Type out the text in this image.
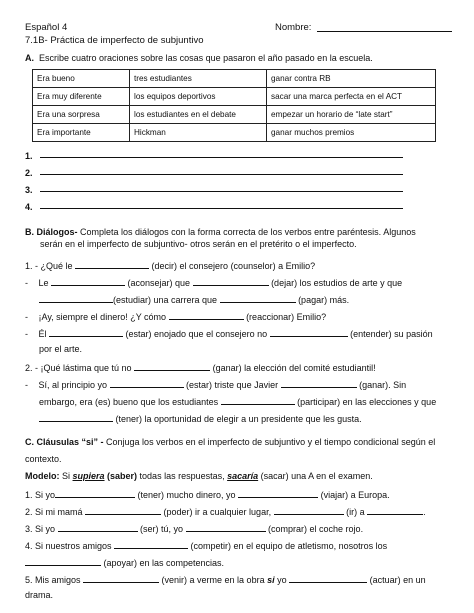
Español 4
7.1B- Práctica de imperfecto de subjuntivo
Nombre:
A. Escribe cuatro oraciones sobre las cosas que pasaron el año pasado en la escuela.
Era bueno	tres estudiantes	ganar contra RB
Era muy diferente	los equipos deportivos	sacar una marca perfecta en el ACT
Era una sorpresa	los estudiantes en el debate	empezar un horario de “late start”
Era importante	Hickman	ganar muchos premios
1.
2.
3.
4.
B. Diálogos- Completa los diálogos con la forma correcta de los verbos entre paréntesis. Algunos
serán en el imperfecto de subjuntivo- otros serán en el pretérito o el imperfecto.
1. - ¿Qué le	(decir) el consejero (counselor) a Emilio?
- Le	(aconsejar) que	(dejar) los estudios de arte y que
(estudiar) una carrera que	(pagar) más.
- ¡Ay, siempre el dinero! ¿Y cómo	(reaccionar) Emilio?
- Él	(estar) enojado que el consejero no	(entender) su pasión
por el arte.
2. - ¡Qué lástima que tú no	(ganar) la elección del comité estudiantil!
- Sí, al principio yo	(estar) triste que Javier	(ganar). Sin
embargo, era (es) bueno que los estudiantes	(participar) en las elecciones y que
(tener) la oportunidad de elegir a un presidente que les gusta.
C. Cláusulas “si” - Conjuga los verbos en el imperfecto de subjuntivo y el tiempo condicional según el
contexto.
Modelo: Si supiera (saber) todas las respuestas, sacaría (sacar) una A en el examen.
1. Si yo	(tener) mucho dinero, yo	(viajar) a Europa.
2. Si mi mamá	(poder) ir a cualquier lugar,	(ir) a	.
3. Si yo	(ser) tú, yo	(comprar) el coche rojo.
4. Si nuestros amigos	(competir) en el equipo de atletismo, nosotros los
(apoyar) en las competencias.
5. Mis amigos	(venir) a verme en la obra si yo	(actuar) en un
drama.
